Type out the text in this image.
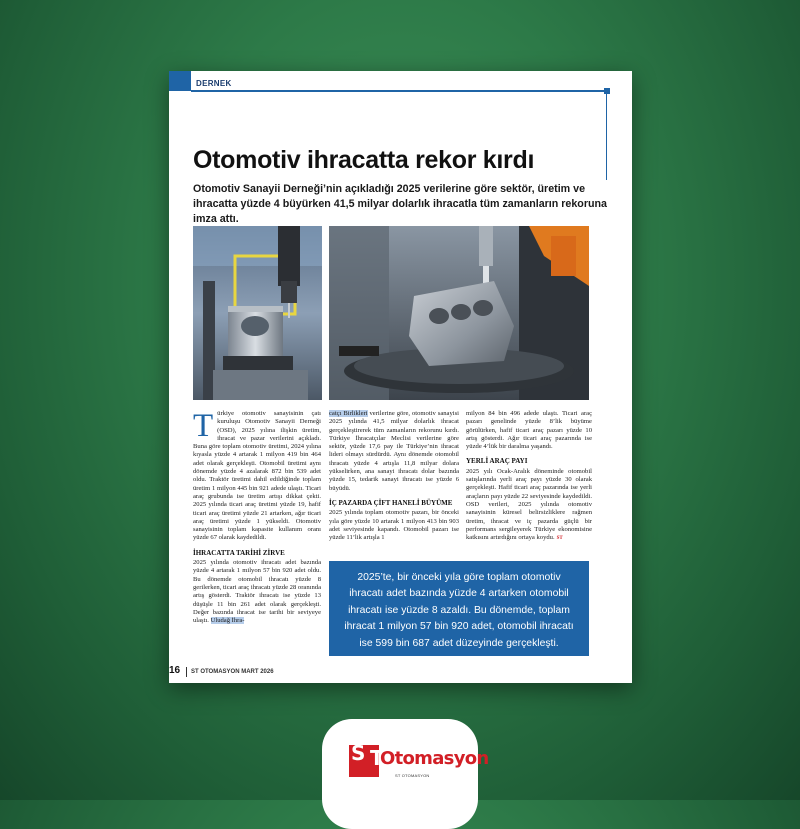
DERNEK
Otomotiv ihracatta rekor kırdı

Otomotiv Sanayii Derneği’nin açıkladığı 2025 verilerine göre sektör, üretim ve ihracatta yüzde 4 büyürken 41,5 milyar dolarlık ihracatla tüm zamanların rekoruna imza attı.

Türkiye otomotiv sanayisinin çatı kuruluşu Otomotiv Sanayii Derneği (OSD), 2025 yılına ilişkin üretim, ihracat ve pazar verilerini açıkladı. Buna göre toplam otomotiv üretimi, 2024 yılına kıyasla yüzde 4 artarak 1 milyon 419 bin 464 adet olarak gerçekleşti. Otomobil üretimi aynı dönemde yüzde 4 azalarak 872 bin 539 adet oldu. Traktör üretimi dahil edildiğinde toplam üretim 1 milyon 445 bin 921 adede ulaştı. Ticari araç grubunda ise üretim artışı dikkat çekti. 2025 yılında ticari araç üretimi yüzde 19, hafif ticari araç üretimi yüzde 21 artarken, ağır ticari araç üretimi yüzde 1 yükseldi. Otomotiv sanayisinin toplam kapasite kullanım oranı yüzde 67 olarak kaydedildi.

İHRACATTA TARİHİ ZİRVE

2025 yılında otomotiv ihracatı adet bazında yüzde 4 artarak 1 milyon 57 bin 920 adet oldu. Bu dönemde otomobil ihracatı yüzde 8 gerilerken, ticari araç ihracatı yüzde 28 oranında artış gösterdi. Traktör ihracatı ise yüzde 13 düşüşle 11 bin 261 adet olarak gerçekleşti. Değer bazında ihracat ise tarihi bir seviyeye ulaştı. Uludağ İhra-

catçı Birlikleri verilerine göre, otomotiv sanayisi 2025 yılında 41,5 milyar dolarlık ihracat gerçekleştirerek tüm zamanların rekorunu kırdı. Türkiye İhracatçılar Meclisi verilerine göre sektör, yüzde 17,6 pay ile Türkiye’nin ihracat lideri olmayı sürdürdü. Aynı dönemde otomobil ihracatı yüzde 4 artışla 11,8 milyar dolara yükselirken, ana sanayi ihracatı dolar bazında yüzde 15, tedarik sanayi ihracatı ise yüzde 6 büyüdü.

İÇ PAZARDA ÇİFT HANELİ BÜYÜME

2025 yılında toplam otomotiv pazarı, bir önceki yıla göre yüzde 10 artarak 1 milyon 413 bin 903 adet seviyesinde kapandı. Otomobil pazarı ise yüzde 11’lik artışla 1

milyon 84 bin 496 adede ulaştı. Ticari araç pazarı genelinde yüzde 8’lik büyüme görülürken, hafif ticari araç pazarı yüzde 10 artış gösterdi. Ağır ticari araç pazarında ise yüzde 4’lük bir daralma yaşandı.

YERLİ ARAÇ PAYI

2025 yılı Ocak-Aralık döneminde otomobil satışlarında yerli araç payı yüzde 30 olarak gerçekleşti. Hafif ticari araç pazarında ise yerli araçların payı yüzde 22 seviyesinde kaydedildi. OSD verileri, 2025 yılında otomotiv sanayisinin küresel belirsizliklere rağmen üretim, ihracat ve iç pazarda güçlü bir performans sergileyerek Türkiye ekonomisine katkısını artırdığını ortaya koydu. ST

2025’te, bir önceki yıla göre toplam otomotiv ihracatı adet bazında yüzde 4 artarken otomobil ihracatı ise yüzde 8 azaldı. Bu dönemde, toplam ihracat 1 milyon 57 bin 920 adet, otomobil ihracatı ise 599 bin 687 adet düzeyinde gerçekleşti.
16 ST OTOMASYON MART 2026
S T
Otomasyon
ST OTOMASYON
